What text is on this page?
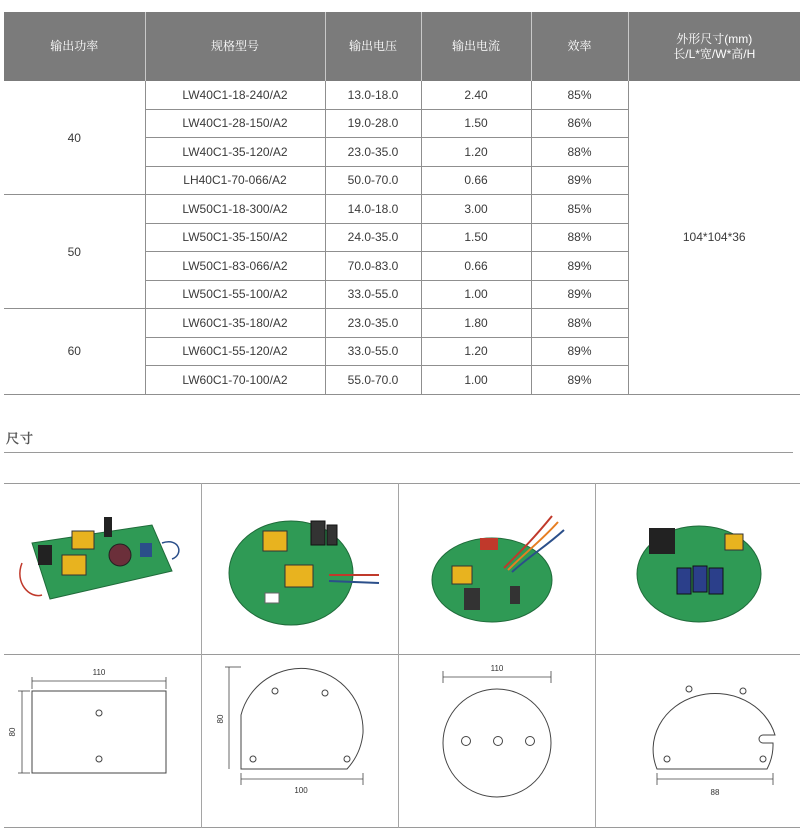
输出功率	规格型号	输出电压	输出电流	效率	外形尺寸(mm)
长/L*宽/W*高/H
40	LW40C1-18-240/A2	13.0-18.0	2.40	85%	104*104*36
	LW40C1-28-150/A2	19.0-28.0	1.50	86%	
	LW40C1-35-120/A2	23.0-35.0	1.20	88%	
	LH40C1-70-066/A2	50.0-70.0	0.66	89%	
50	LW50C1-18-300/A2	14.0-18.0	3.00	85%	
	LW50C1-35-150/A2	24.0-35.0	1.50	88%	
	LW50C1-83-066/A2	70.0-83.0	0.66	89%	
	LW50C1-55-100/A2	33.0-55.0	1.00	89%	
60	LW60C1-35-180/A2	23.0-35.0	1.80	88%	
	LW60C1-55-120/A2	33.0-55.0	1.20	89%	
	LW60C1-70-100/A2	55.0-70.0	1.00	89%	
尺寸
110
80
80
100
110
88
